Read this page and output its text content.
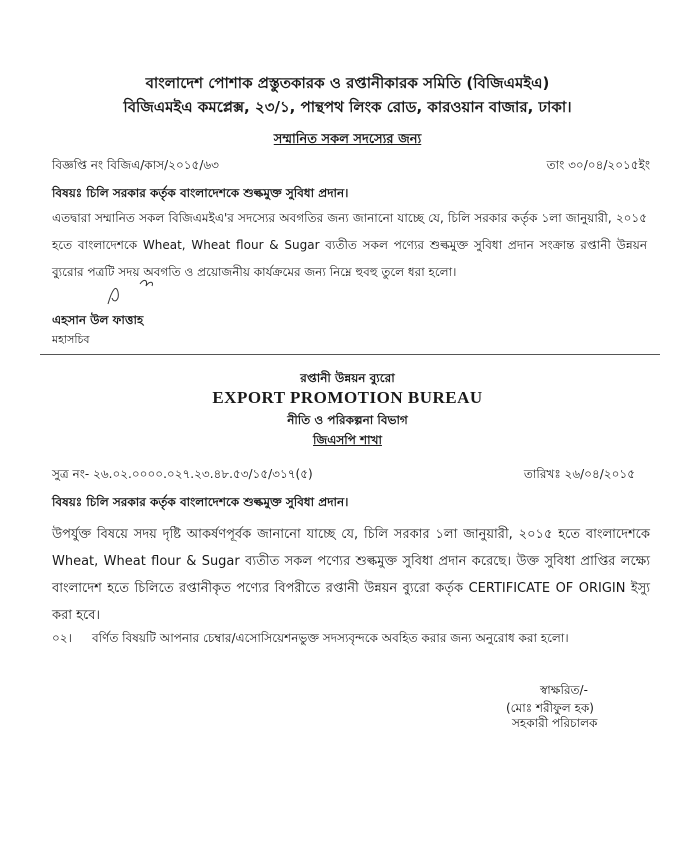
বাংলাদেশ পোশাক প্রস্তুতকারক ও রপ্তানীকারক সমিতি (বিজিএমইএ)
বিজিএমইএ কমপ্লেক্স, ২৩/১, পান্থপথ লিংক রোড, কারওয়ান বাজার, ঢাকা।
সম্মানিত সকল সদস্যের জন্য
বিজ্ঞপ্তি নং বিজিএ/কাস/২০১৫/৬৩	তাং ৩০/০৪/২০১৫ইং
বিষয়ঃ চিলি সরকার কর্তৃক বাংলাদেশকে শুল্কমুক্ত সুবিধা প্রদান।
এতদ্বারা সম্মানিত সকল বিজিএমইএ'র সদস্যের অবগতির জন্য জানানো যাচ্ছে যে, চিলি সরকার কর্তৃক ১লা জানুয়ারী, ২০১৫ হতে বাংলাদেশকে Wheat, Wheat flour & Sugar ব্যতীত সকল পণ্যের শুল্কমুক্ত সুবিধা প্রদান সংক্রান্ত রপ্তানী উন্নয়ন ব্যুরোর পত্রটি সদয় অবগতি ও প্রয়োজনীয় কার্যক্রমের জন্য নিম্নে হুবহু তুলে ধরা হলো।
এহসান উল ফাত্তাহ
মহাসচিব
রপ্তানী উন্নয়ন ব্যুরো
EXPORT PROMOTION BUREAU
নীতি ও পরিকল্পনা বিভাগ
জিএসপি শাখা
সুত্র নং- ২৬.০২.০০০০.০২৭.২৩.৪৮.৫৩/১৫/৩১৭(৫)	তারিখঃ ২৬/০৪/২০১৫
বিষয়ঃ চিলি সরকার কর্তৃক বাংলাদেশকে শুল্কমুক্ত সুবিধা প্রদান।
উপর্যুক্ত বিষয়ে সদয় দৃষ্টি আকর্ষণপূর্বক জানানো যাচ্ছে যে, চিলি সরকার ১লা জানুয়ারী, ২০১৫ হতে বাংলাদেশকে Wheat, Wheat flour & Sugar ব্যতীত সকল পণ্যের শুল্কমুক্ত সুবিধা প্রদান করেছে। উক্ত সুবিধা প্রাপ্তির লক্ষ্যে বাংলাদেশ হতে চিলিতে রপ্তানীকৃত পণ্যের বিপরীতে রপ্তানী উন্নয়ন ব্যুরো কর্তৃক CERTIFICATE OF ORIGIN ইস্যু করা হবে।
০২। বর্ণিত বিষয়টি আপনার চেম্বার/এসোসিয়েশনভুক্ত সদস্যবৃন্দকে অবহিত করার জন্য অনুরোধ করা হলো।
স্বাক্ষরিত/-
(মোঃ শরীফুল হক)
সহকারী পরিচালক
